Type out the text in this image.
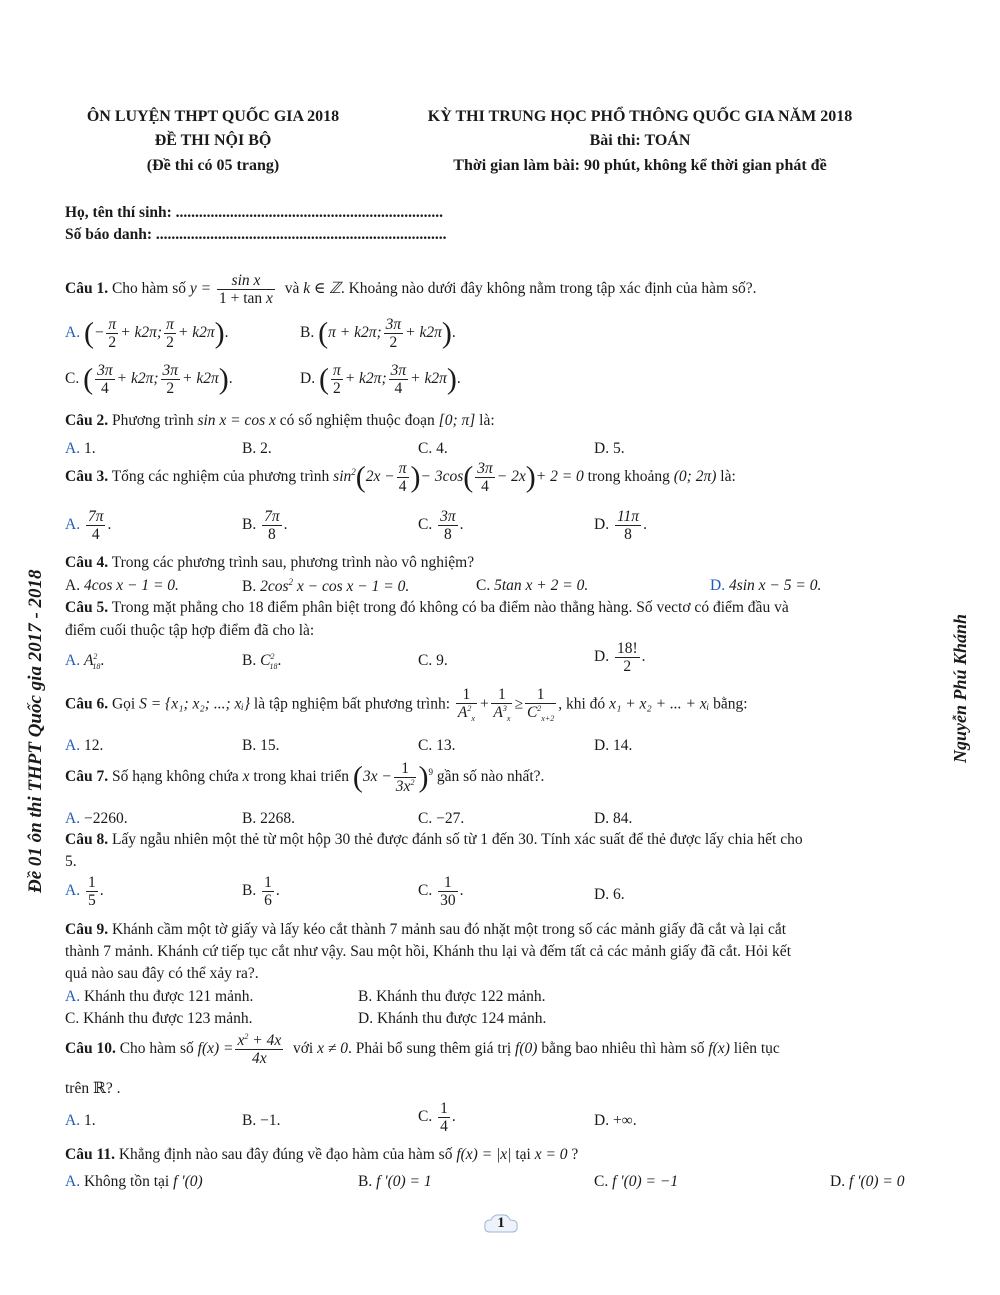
ÔN LUYỆN THPT QUỐC GIA 2018
ĐỀ THI NỘI BỘ
(Đề thi có 05 trang)
KỲ THI TRUNG HỌC PHỔ THÔNG QUỐC GIA NĂM 2018
Bài thi: TOÁN
Thời gian làm bài: 90 phút, không kể thời gian phát đề
Họ, tên thí sinh: .....................................................................
Số báo danh: ...........................................................................
Đề 01 ôn thi THPT Quốc gia 2017 - 2018	Nguyễn Phú Khánh
Câu 1. Cho hàm số $y = \frac{\text{sin x}}{\text{1 + tan x}}$ và k ∈ ℤ. Khoảng nào dưới đây không nằm trong tập xác định của hàm số?.
A. (− $\frac{\pi}{2} + k2\pi$; $\frac{\pi}{2} + k2\pi$).	B. (π + k2π; $\frac{3\pi}{2} + k2\pi$).
C. ( $\frac{3\pi}{4} + k2\pi$; $\frac{3\pi}{2} + k2\pi$).	D. ( $\frac{\pi}{2} + k2\pi$; $\frac{3\pi}{4} + k2\pi$).
Câu 2. Phương trình sin x = cos x có số nghiệm thuộc đoạn [0; π] là:
A. 1.	B. 2.	C. 4.	D. 5.
Câu 3. Tổng các nghiệm của phương trình $\sin^2(2x - \frac{\pi}{4}$ )− $3\cos( \frac{3\pi}{4} - 2x)+ 2 = 0$ trong khoảng (0; 2π) là:
A. $\frac{7\pi}{4}$ .	B. $\frac{7\pi}{8}$ .	C. $\frac{3\pi}{8}$ .	D. $\frac{11\pi}{8}$ .
Câu 4. Trong các phương trình sau, phương trình nào vô nghiệm?
A. 4cos x − 1 = 0.	B. $2\cos^2$ x − cos x − 1 = 0.	C. 5tan x + 2 = 0.	D. 4sin x − 5 = 0.
Câu 5. Trong mặt phẳng cho 18 điểm phân biệt trong đó không có ba điểm nào thẳng hàng. Số vectơ có điểm đầu và
điểm cuối thuộc tập hợp điểm đã cho là:
A. $A^2_{18}$.	B. $C^2_{18}$.	C. 9.	D. $\frac{18!}{2}$ .
Câu 6. Gọi S = {x₁; x₂; ...; xᵢ} là tập nghiệm bất phương trình: $\frac{1}{A^2_x} + \frac{1}{A^3_x} \ge \frac{1}{C^2_{x+2}}$ , khi đó x₁ + x₂ + ... + xᵢ bằng:
A. 12.	B. 15.	C. 13.	D. 14.
Câu 7. Số hạng không chứa x trong khai triển $(3x - \frac{1}{3x^2} )^9$ gần số nào nhất?.
A. −2260.	B. 2268.	C. −27.	D. 84.
Câu 8. Lấy ngẫu nhiên một thẻ từ một hộp 30 thẻ được đánh số từ 1 đến 30. Tính xác suất để thẻ được lấy chia hết cho
5.
A. $\frac{1}{5}$ .	B. $\frac{1}{6}$ .	C. $\frac{1}{30}$ .	D. 6.
Câu 9. Khánh cầm một tờ giấy và lấy kéo cắt thành 7 mảnh sau đó nhặt một trong số các mảnh giấy đã cắt và lại cắt
thành 7 mảnh. Khánh cứ tiếp tục cắt như vậy. Sau một hồi, Khánh thu lại và đếm tất cả các mảnh giấy đã cắt. Hỏi kết
quả nào sau đây có thể xảy ra?.
A. Khánh thu được 121 mảnh.	B. Khánh thu được 122 mảnh.
C. Khánh thu được 123 mảnh.	D. Khánh thu được 124 mảnh.
Câu 10. Cho hàm số $f(x) = \frac{x^2 + 4x}{4x}$ với x ≠ 0. Phải bổ sung thêm giá trị f(0) bằng bao nhiêu thì hàm số f(x) liên tục
trên ℝ? .
A. 1.	B. −1.	C. $\frac{1}{4}$ .	D. +∞.
Câu 11. Khẳng định nào sau đây đúng về đạo hàm của hàm số f(x) = |x| tại x = 0 ?
A. Không tồn tại f '(0)	B. f '(0) = 1	C. f '(0) = −1	D. f '(0) = 0
1
